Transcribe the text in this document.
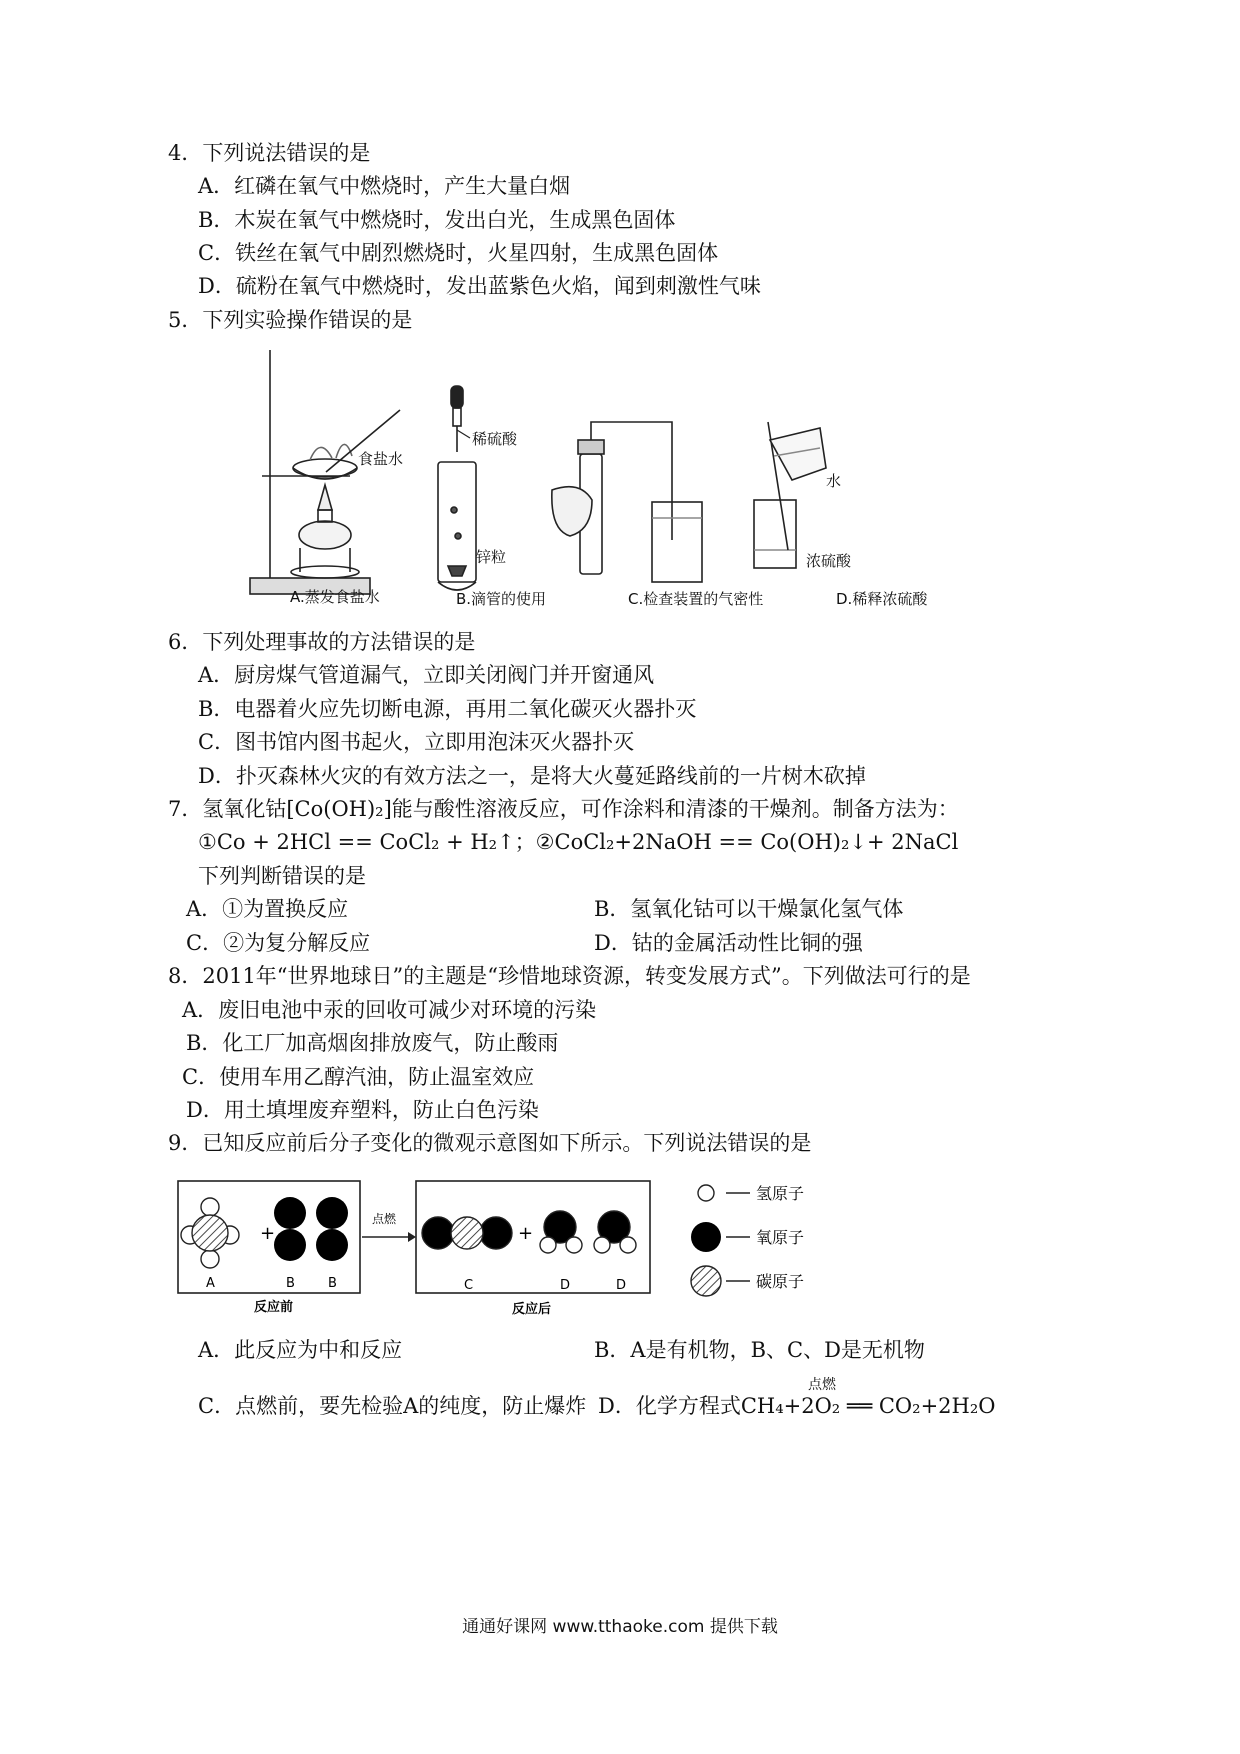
4．下列说法错误的是
A．红磷在氧气中燃烧时，产生大量白烟
B．木炭在氧气中燃烧时，发出白光，生成黑色固体
C．铁丝在氧气中剧烈燃烧时，火星四射，生成黑色固体
D．硫粉在氧气中燃烧时，发出蓝紫色火焰，闻到刺激性气味
5．下列实验操作错误的是
食盐水
稀硫酸
锌粒
水
浓硫酸
A.蒸发食盐水	B.滴管的使用	C.检查装置的气密性	D.稀释浓硫酸
6．下列处理事故的方法错误的是
A．厨房煤气管道漏气，立即关闭阀门并开窗通风
B．电器着火应先切断电源，再用二氧化碳灭火器扑灭
C．图书馆内图书起火，立即用泡沫灭火器扑灭
D．扑灭森林火灾的有效方法之一，是将大火蔓延路线前的一片树木砍掉
7．氢氧化钴[Co(OH)₂]能与酸性溶液反应，可作涂料和清漆的干燥剂。制备方法为：
①Co + 2HCl == CoCl₂ + H₂↑；②CoCl₂+2NaOH == Co(OH)₂↓+ 2NaCl
下列判断错误的是
A．①为置换反应	B．氢氧化钴可以干燥氯化氢气体
C．②为复分解反应	D．钴的金属活动性比铜的强
8．2011年“世界地球日”的主题是“珍惜地球资源，转变发展方式”。下列做法可行的是
A．废旧电池中汞的回收可减少对环境的污染
B．化工厂加高烟囱排放废气，防止酸雨
C．使用车用乙醇汽油，防止温室效应
D．用土填埋废弃塑料，防止白色污染
9．已知反应前后分子变化的微观示意图如下所示。下列说法错误的是
+
A	B	B
反应前
点燃
+
C	D	D
反应后
氢原子
氧原子
碳原子
A．此反应为中和反应	B．A是有机物，B、C、D是无机物
C．点燃前，要先检验A的纯度，防止爆炸 D．化学方程式CH₄+2O₂ ══ CO₂+2H₂O
点燃
通通好课网 www.tthaoke.com 提供下载
